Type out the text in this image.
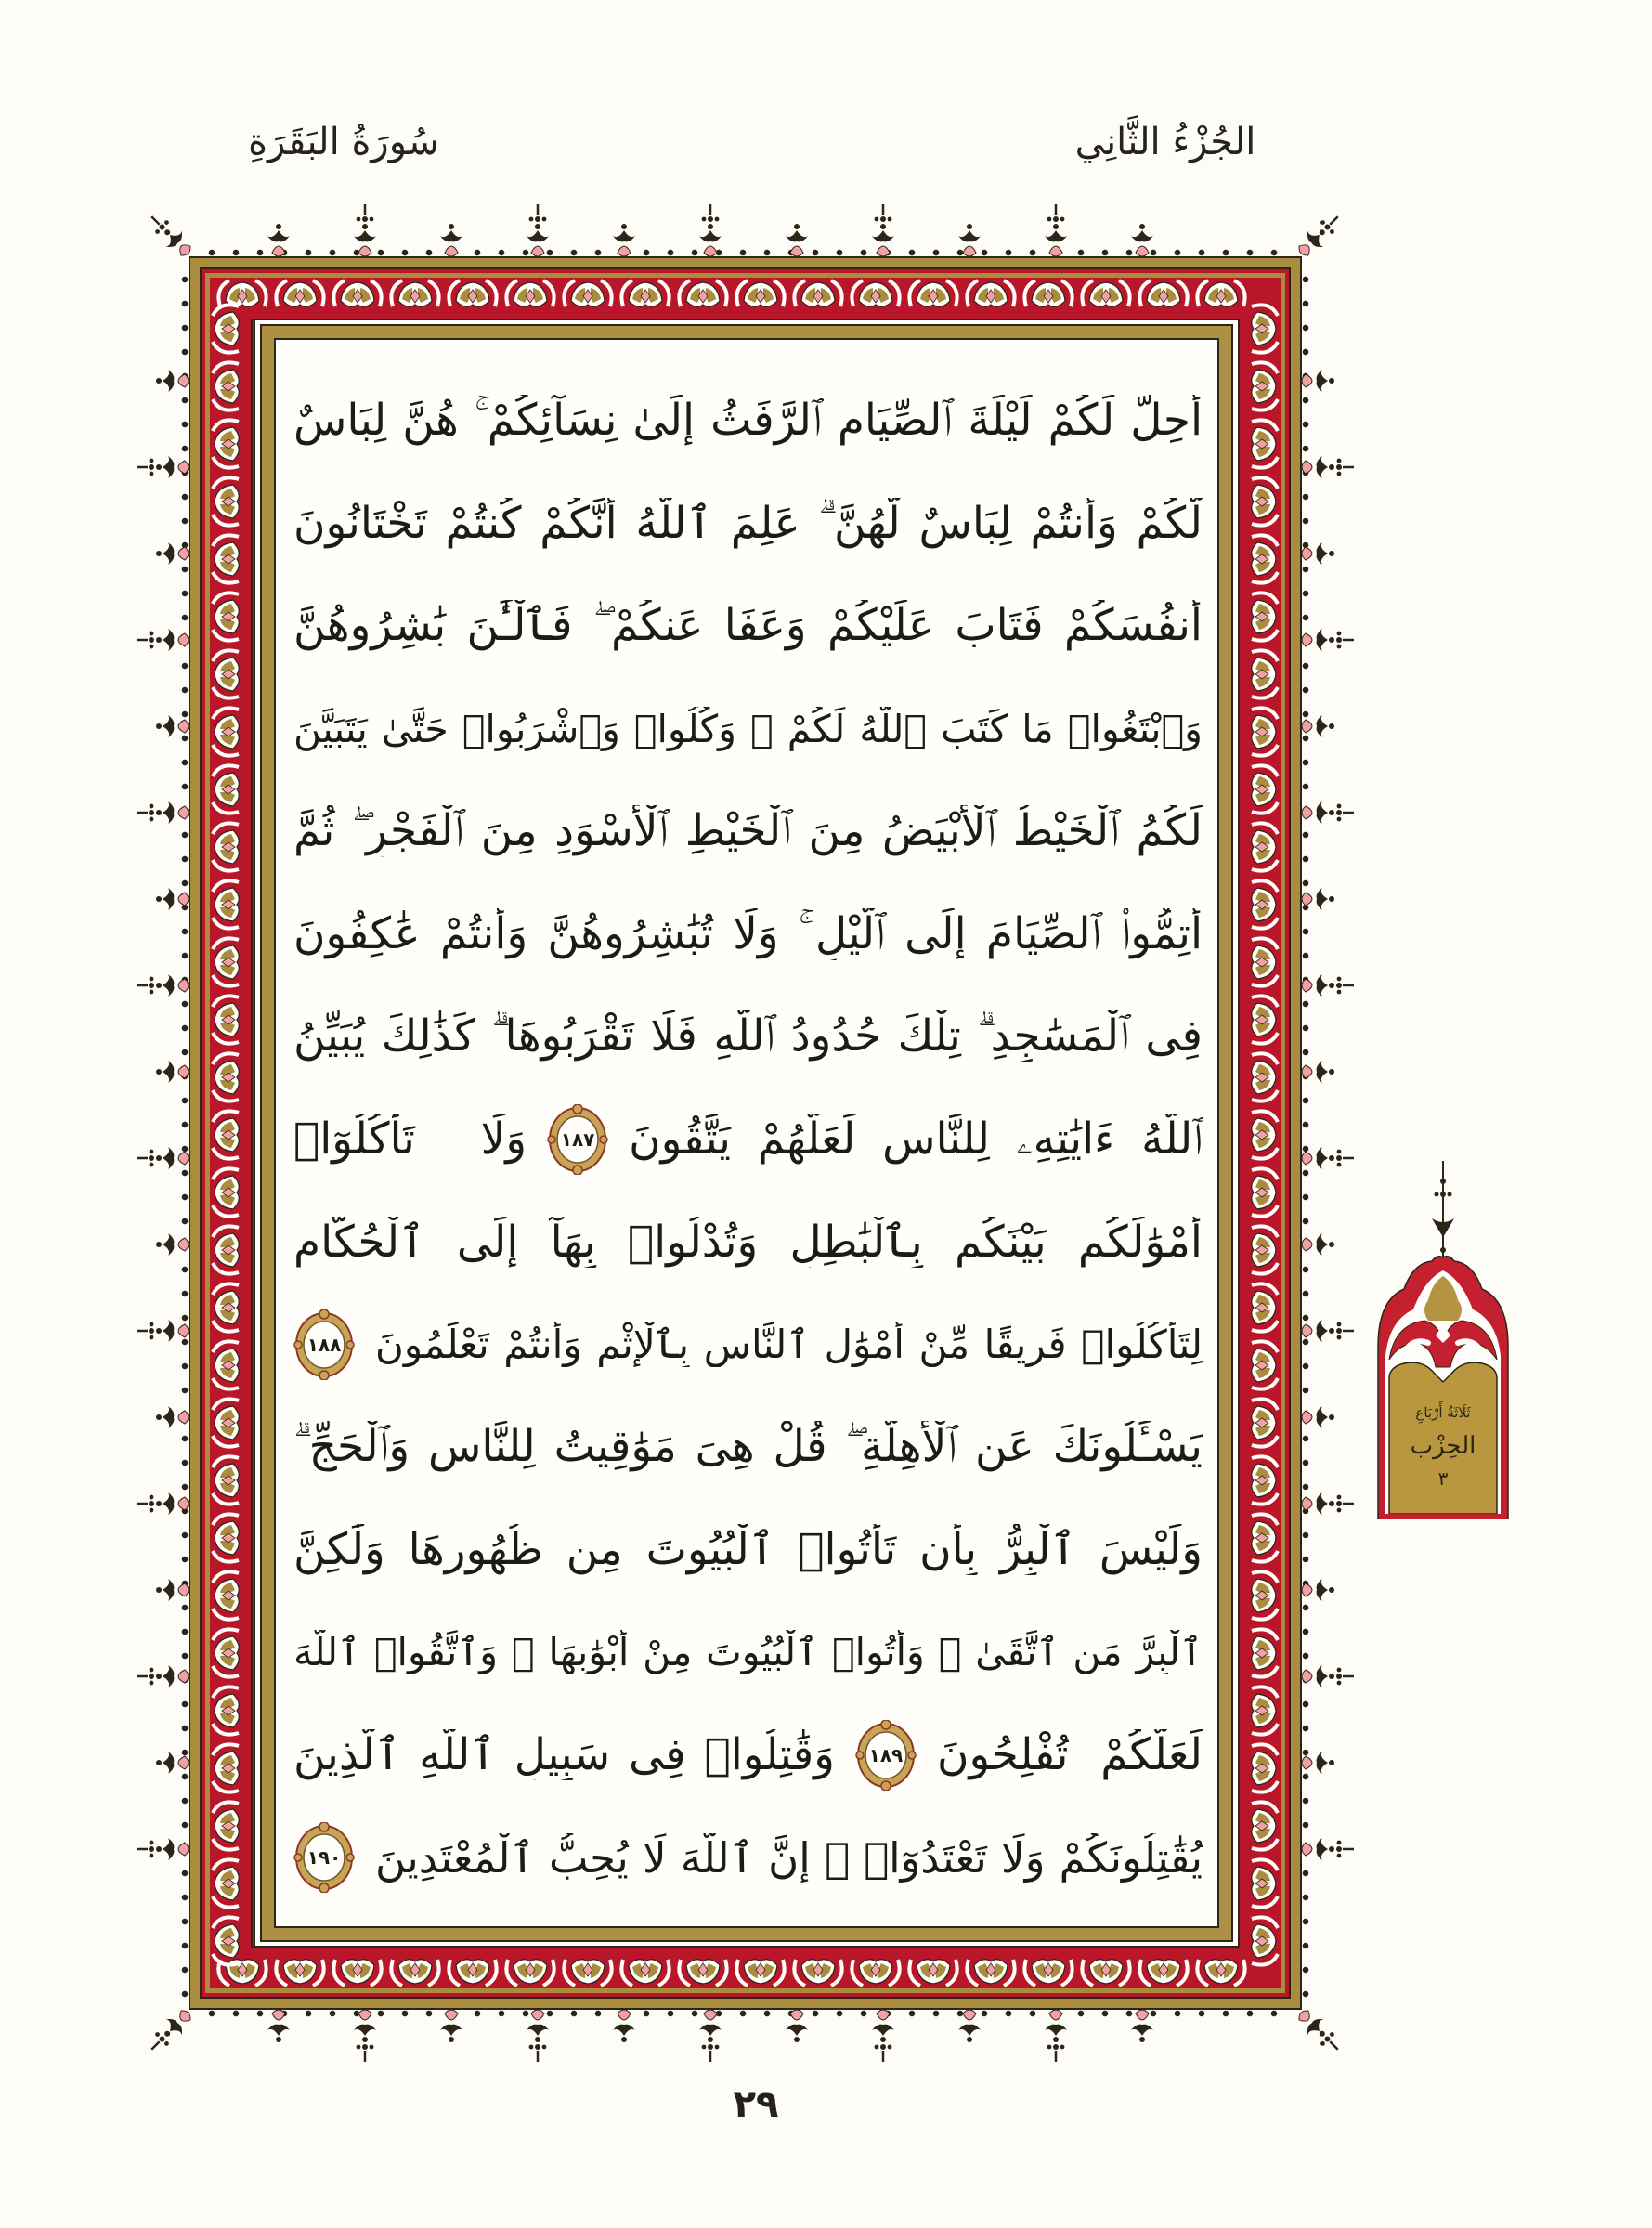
الجُزْءُ الثَّانِي
سُورَةُ البَقَرَةِ
أُحِلَّ لَكُمْ لَيْلَةَ ٱلصِّيَامِ ٱلرَّفَثُ إِلَىٰ نِسَآئِكُمْ ۚ هُنَّ لِبَاسٌ
لَّكُمْ وَأَنتُمْ لِبَاسٌ لَّهُنَّ ۗ عَلِمَ ٱللَّهُ أَنَّكُمْ كُنتُمْ تَخْتَانُونَ
أَنفُسَكُمْ فَتَابَ عَلَيْكُمْ وَعَفَا عَنكُمْ ۖ فَٱلْـَٰٔنَ بَٰشِرُوهُنَّ
وَٱبْتَغُوا۟ مَا كَتَبَ ٱللَّهُ لَكُمْ ۚ وَكُلُوا۟ وَٱشْرَبُوا۟ حَتَّىٰ يَتَبَيَّنَ
لَكُمُ ٱلْخَيْطُ ٱلْأَبْيَضُ مِنَ ٱلْخَيْطِ ٱلْأَسْوَدِ مِنَ ٱلْفَجْرِ ۖ ثُمَّ
أَتِمُّوا۟ ٱلصِّيَامَ إِلَى ٱلَّيْلِ ۚ وَلَا تُبَٰشِرُوهُنَّ وَأَنتُمْ عَٰكِفُونَ
فِى ٱلْمَسَٰجِدِ ۗ تِلْكَ حُدُودُ ٱللَّهِ فَلَا تَقْرَبُوهَا ۗ كَذَٰلِكَ يُبَيِّنُ
ٱللَّهُ ءَايَٰتِهِۦ لِلنَّاسِ لَعَلَّهُمْ يَتَّقُونَ
١٨٧
وَلَا تَأْكُلُوٓا۟
أَمْوَٰلَكُم بَيْنَكُم بِٱلْبَٰطِلِ وَتُدْلُوا۟ بِهَآ إِلَى ٱلْحُكَّامِ
لِتَأْكُلُوا۟ فَرِيقًا مِّنْ أَمْوَٰلِ ٱلنَّاسِ بِٱلْإِثْمِ وَأَنتُمْ تَعْلَمُونَ
١٨٨
يَسْـَٔلُونَكَ عَنِ ٱلْأَهِلَّةِ ۖ قُلْ هِىَ مَوَٰقِيتُ لِلنَّاسِ وَٱلْحَجِّ ۗ
وَلَيْسَ ٱلْبِرُّ بِأَن تَأْتُوا۟ ٱلْبُيُوتَ مِن ظُهُورِهَا وَلَٰكِنَّ
ٱلْبِرَّ مَنِ ٱتَّقَىٰ ۗ وَأْتُوا۟ ٱلْبُيُوتَ مِنْ أَبْوَٰبِهَا ۚ وَٱتَّقُوا۟ ٱللَّهَ
لَعَلَّكُمْ تُفْلِحُونَ
١٨٩
وَقَٰتِلُوا۟ فِى سَبِيلِ ٱللَّهِ ٱلَّذِينَ
يُقَٰتِلُونَكُمْ وَلَا تَعْتَدُوٓا۟ ۚ إِنَّ ٱللَّهَ لَا يُحِبُّ ٱلْمُعْتَدِينَ
١٩٠
ثَلَاثَةُ أَرْبَاعِ
الحِزْب
٣
٢٩
